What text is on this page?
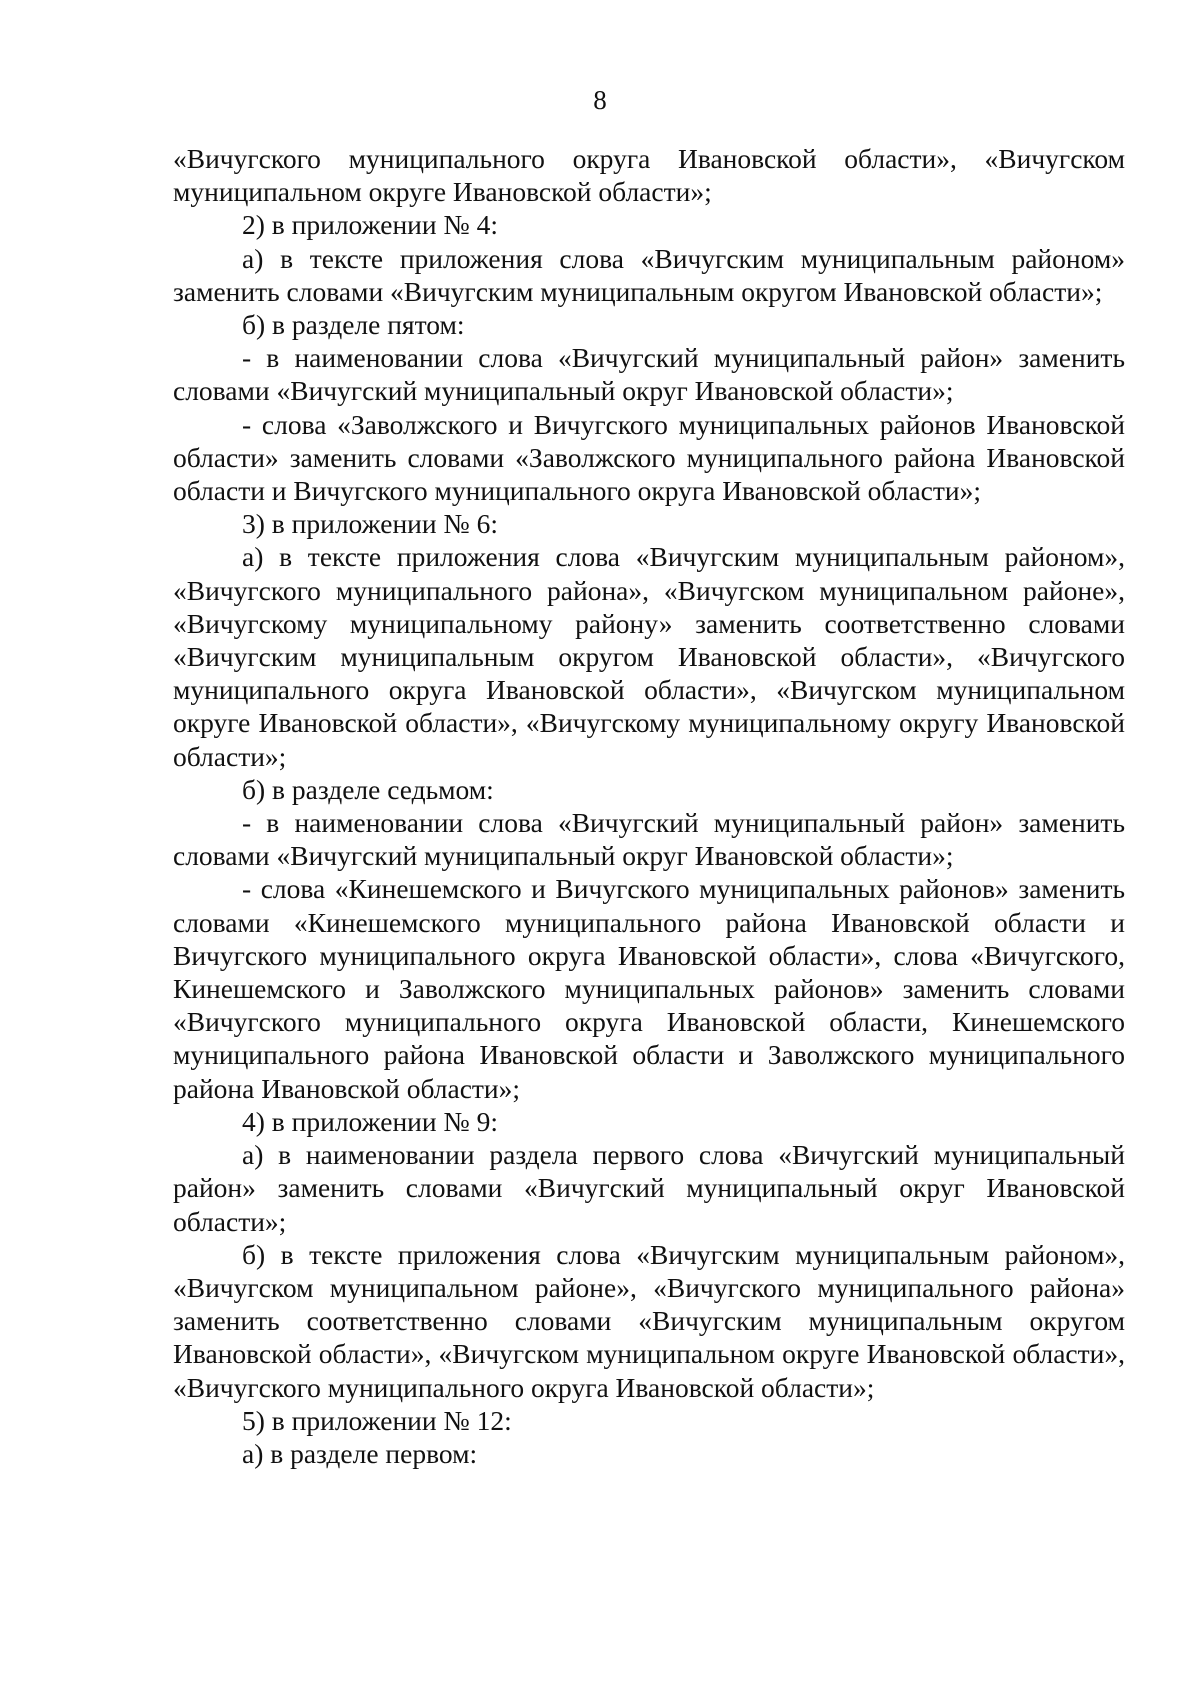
8

«Вичугского муниципального округа Ивановской области», «Вичугском муниципальном округе Ивановской области»;

2) в приложении № 4:

а) в тексте приложения слова «Вичугским муниципальным районом» заменить словами «Вичугским муниципальным округом Ивановской области»;

б) в разделе пятом:

- в наименовании слова «Вичугский муниципальный район» заменить словами «Вичугский муниципальный округ Ивановской области»;

- слова «Заволжского и Вичугского муниципальных районов Ивановской области» заменить словами «Заволжского муниципального района Ивановской области и Вичугского муниципального округа Ивановской области»;

3) в приложении № 6:

а) в тексте приложения слова «Вичугским муниципальным районом», «Вичугского муниципального района», «Вичугском муниципальном районе», «Вичугскому муниципальному району» заменить соответственно словами «Вичугским муниципальным округом Ивановской области», «Вичугского муниципального округа Ивановской области», «Вичугском муниципальном округе Ивановской области», «Вичугскому муниципальному округу Ивановской области»;

б) в разделе седьмом:

- в наименовании слова «Вичугский муниципальный район» заменить словами «Вичугский муниципальный округ Ивановской области»;

- слова «Кинешемского и Вичугского муниципальных районов» заменить словами «Кинешемского муниципального района Ивановской области и Вичугского муниципального округа Ивановской области», слова «Вичугского, Кинешемского и Заволжского муниципальных районов» заменить словами «Вичугского муниципального округа Ивановской области, Кинешемского муниципального района Ивановской области и Заволжского муниципального района Ивановской области»;

4) в приложении № 9:

а) в наименовании раздела первого слова «Вичугский муниципальный район» заменить словами «Вичугский муниципальный округ Ивановской области»;

б) в тексте приложения слова «Вичугским муниципальным районом», «Вичугском муниципальном районе», «Вичугского муниципального района» заменить соответственно словами «Вичугским муниципальным округом Ивановской области», «Вичугском муниципальном округе Ивановской области», «Вичугского муниципального округа Ивановской области»;

5) в приложении № 12:

а) в разделе первом:
